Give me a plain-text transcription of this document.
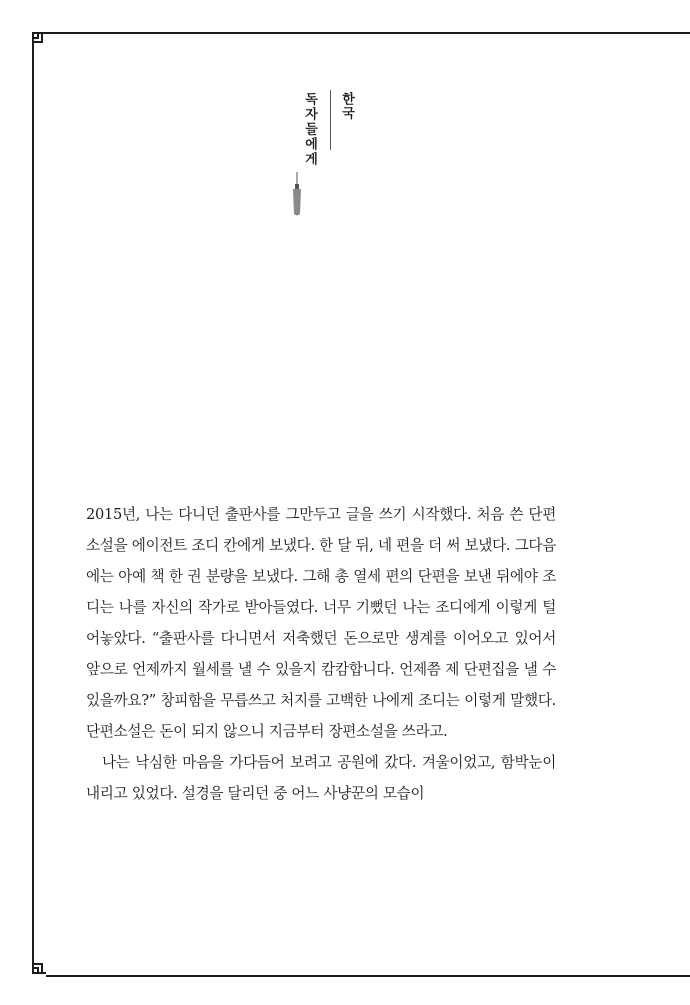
한국
독자들에게

2015년, 나는 다니던 출판사를 그만두고 글을 쓰기 시작했다. 처음 쓴 단편소설을 에이전트 조디 칸에게 보냈다. 한 달 뒤, 네 편을 더 써 보냈다. 그다음에는 아예 책 한 권 분량을 보냈다. 그해 총 열세 편의 단편을 보낸 뒤에야 조디는 나를 자신의 작가로 받아들였다. 너무 기뻤던 나는 조디에게 이렇게 털어놓았다. “출판사를 다니면서 저축했던 돈으로만 생계를 이어오고 있어서 앞으로 언제까지 월세를 낼 수 있을지 캄캄합니다. 언제쯤 제 단편집을 낼 수 있을까요?” 창피함을 무릅쓰고 처지를 고백한 나에게 조디는 이렇게 말했다. 단편소설은 돈이 되지 않으니 지금부터 장편소설을 쓰라고.

나는 낙심한 마음을 가다듬어 보려고 공원에 갔다. 겨울이었고, 함박눈이 내리고 있었다. 설경을 달리던 중 어느 사냥꾼의 모습이
